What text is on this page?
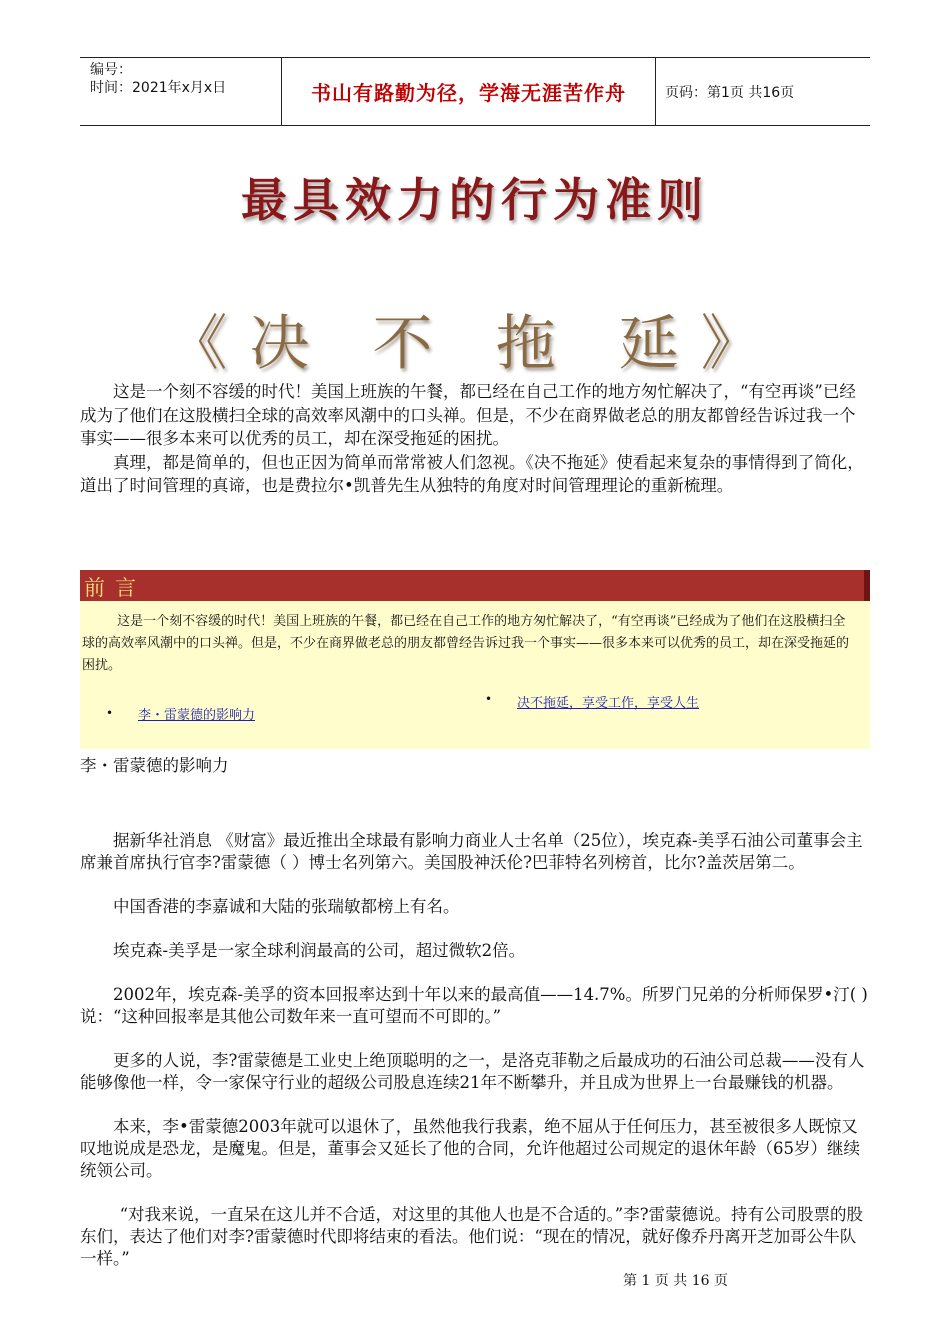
编号：
时间：2021年x月x日	书山有路勤为径，学海无涯苦作舟	页码：第1页 共16页
最具效力的行为准则
《决 不 拖 延》

这是一个刻不容缓的时代！美国上班族的午餐，都已经在自己工作的地方匆忙解决了，“有空再谈”已经成为了他们在这股横扫全球的高效率风潮中的口头禅。但是，不少在商界做老总的朋友都曾经告诉过我一个事实——很多本来可以优秀的员工，却在深受拖延的困扰。

真理，都是简单的，但也正因为简单而常常被人们忽视。《决不拖延》使看起来复杂的事情得到了简化，道出了时间管理的真谛，也是费拉尔•凯普先生从独特的角度对时间管理理论的重新梳理。

前言

这是一个刻不容缓的时代！美国上班族的午餐，都已经在自己工作的地方匆忙解决了，“有空再谈”已经成为了他们在这股横扫全球的高效率风潮中的口头禅。但是，不少在商界做老总的朋友都曾经告诉过我一个事实——很多本来可以优秀的员工，却在深受拖延的困扰。

• 李・雷蒙德的影响力
• 决不拖延，享受工作，享受人生
李・雷蒙德的影响力

据新华社消息 《财富》最近推出全球最有影响力商业人士名单（25位），埃克森-美孚石油公司董事会主席兼首席执行官李?雷蒙德（ ）博士名列第六。美国股神沃伦?巴菲特名列榜首，比尔?盖茨居第二。

中国香港的李嘉诚和大陆的张瑞敏都榜上有名。

埃克森-美孚是一家全球利润最高的公司，超过微软2倍。

2002年，埃克森-美孚的资本回报率达到十年以来的最高值——14.7%。所罗门兄弟的分析师保罗•汀( )说：“这种回报率是其他公司数年来一直可望而不可即的。”

更多的人说，李?雷蒙德是工业史上绝顶聪明的之一，是洛克菲勒之后最成功的石油公司总裁——没有人能够像他一样，令一家保守行业的超级公司股息连续21年不断攀升，并且成为世界上一台最赚钱的机器。

本来，李•雷蒙德2003年就可以退休了，虽然他我行我素，绝不屈从于任何压力，甚至被很多人既惊又叹地说成是恐龙，是魔鬼。但是，董事会又延长了他的合同，允许他超过公司规定的退休年龄（65岁）继续统领公司。

“对我来说，一直呆在这儿并不合适，对这里的其他人也是不合适的。”李?雷蒙德说。持有公司股票的股东们，表达了他们对李?雷蒙德时代即将结束的看法。他们说：“现在的情况，就好像乔丹离开芝加哥公牛队一样。”

第 1 页 共 16 页
